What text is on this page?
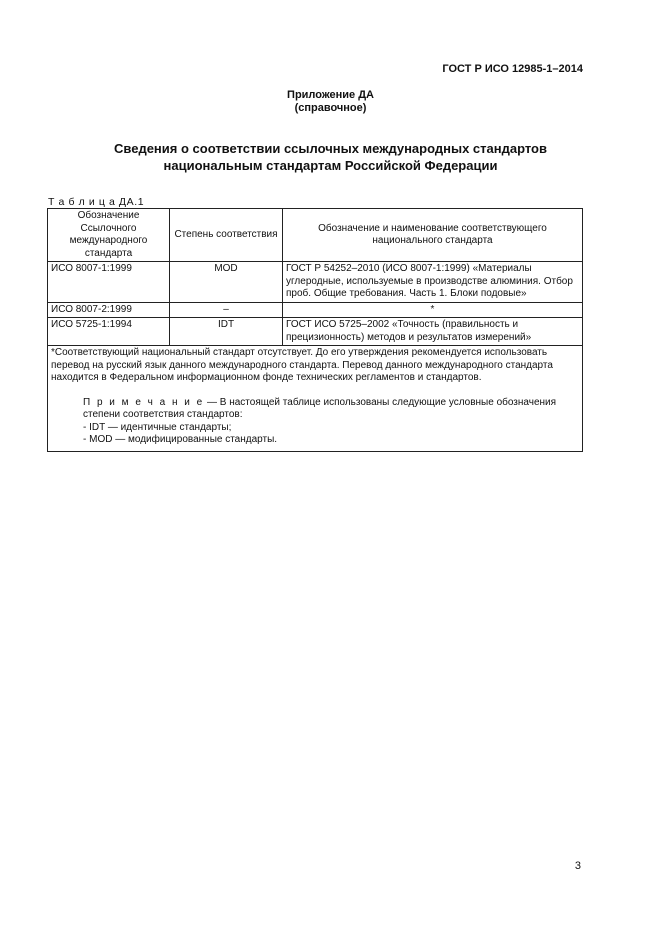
ГОСТ Р ИСО 12985-1–2014
Приложение ДА
(справочное)
Сведения о соответствии ссылочных международных стандартов
национальным стандартам Российской Федерации
Т а б л и ц а ДА.1
Обозначение Ссылочного международного стандарта	Степень соответствия	Обозначение и наименование соответствующего национального стандарта
ИСО 8007-1:1999	MOD	ГОСТ Р 54252–2010 (ИСО 8007-1:1999) «Материалы углеродные, используемые в производстве алюминия. Отбор проб. Общие требования. Часть 1. Блоки подовые»
ИСО 8007-2:1999	–	*
ИСО 5725-1:1994	IDT	ГОСТ ИСО 5725–2002 «Точность (правильность и прецизионность) методов и результатов измерений»

*Соответствующий национальный стандарт отсутствует. До его утверждения рекомендуется использовать перевод на русский язык данного международного стандарта. Перевод данного международного стандарта находится в Федеральном информационном фонде технических регламентов и стандартов.

П р и м е ч а н и е — В настоящей таблице использованы следующие условные обозначения степени соответствия стандартов:

- IDT — идентичные стандарты;

- MOD — модифицированные стандарты.		

3
